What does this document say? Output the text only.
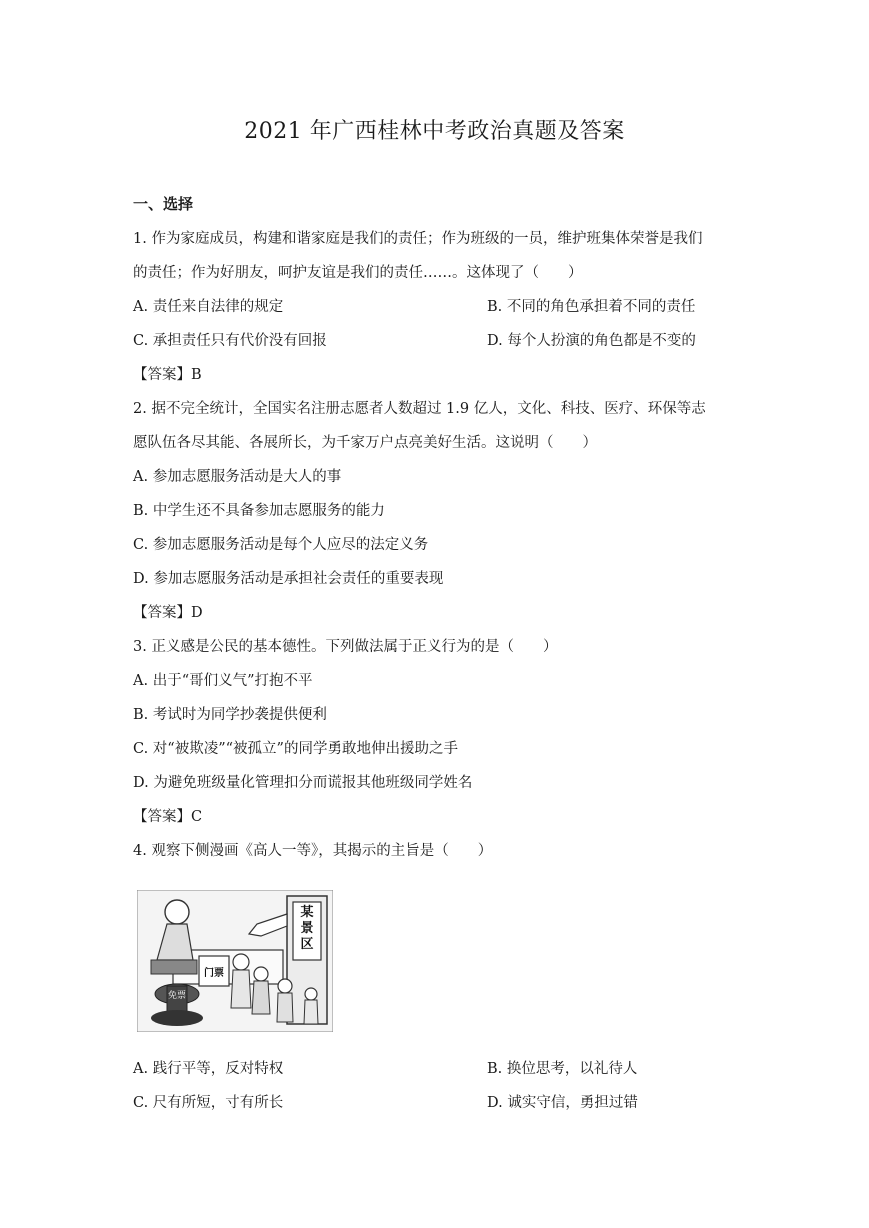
2021 年广西桂林中考政治真题及答案
一、选择
1. 作为家庭成员，构建和谐家庭是我们的责任；作为班级的一员，维护班集体荣誉是我们
的责任；作为好朋友，呵护友谊是我们的责任……。这体现了（　　）
A. 责任来自法律的规定	B. 不同的角色承担着不同的责任
C. 承担责任只有代价没有回报	D. 每个人扮演的角色都是不变的
【答案】B
2. 据不完全统计，全国实名注册志愿者人数超过 1.9 亿人，文化、科技、医疗、环保等志
愿队伍各尽其能、各展所长，为千家万户点亮美好生活。这说明（　　）
A. 参加志愿服务活动是大人的事
B. 中学生还不具备参加志愿服务的能力
C. 参加志愿服务活动是每个人应尽的法定义务
D. 参加志愿服务活动是承担社会责任的重要表现
【答案】D
3. 正义感是公民的基本德性。下列做法属于正义行为的是（　　）
A. 出于“哥们义气”打抱不平
B. 考试时为同学抄袭提供便利
C. 对“被欺凌”“被孤立”的同学勇敢地伸出援助之手
D. 为避免班级量化管理扣分而谎报其他班级同学姓名
【答案】C
4. 观察下侧漫画《高人一等》，其揭示的主旨是（　　）
某景区
免票
门票
A. 践行平等，反对特权	B. 换位思考，以礼待人
C. 尺有所短，寸有所长	D. 诚实守信，勇担过错
